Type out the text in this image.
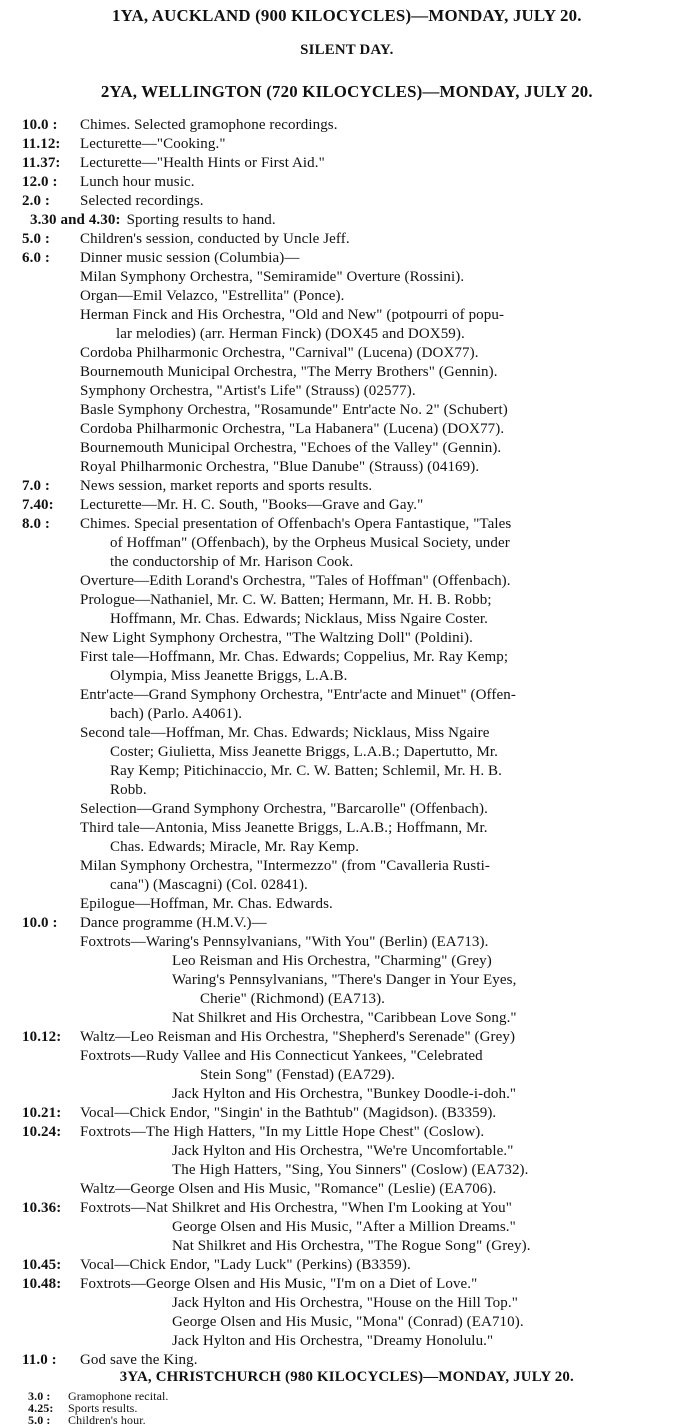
1YA, AUCKLAND (900 KILOCYCLES)—MONDAY, JULY 20.
SILENT DAY.
2YA, WELLINGTON (720 KILOCYCLES)—MONDAY, JULY 20.
10.0 : Chimes. Selected gramophone recordings.
11.12: Lecturette—"Cooking."
11.37: Lecturette—"Health Hints or First Aid."
12.0 : Lunch hour music.
2.0 : Selected recordings.
3.30 and 4.30: Sporting results to hand.
5.0 : Children's session, conducted by Uncle Jeff.
6.0 : Dinner music session (Columbia)—
Milan Symphony Orchestra, "Semiramide" Overture (Rossini).
Organ—Emil Velazco, "Estrellita" (Ponce).
Herman Finck and His Orchestra, "Old and New" (potpourri of popu-
lar melodies) (arr. Herman Finck) (DOX45 and DOX59).
Cordoba Philharmonic Orchestra, "Carnival" (Lucena) (DOX77).
Bournemouth Municipal Orchestra, "The Merry Brothers" (Gennin).
Symphony Orchestra, "Artist's Life" (Strauss) (02577).
Basle Symphony Orchestra, "Rosamunde" Entr'acte No. 2" (Schubert)
Cordoba Philharmonic Orchestra, "La Habanera" (Lucena) (DOX77).
Bournemouth Municipal Orchestra, "Echoes of the Valley" (Gennin).
Royal Philharmonic Orchestra, "Blue Danube" (Strauss) (04169).
7.0 : News session, market reports and sports results.
7.40: Lecturette—Mr. H. C. South, "Books—Grave and Gay."
8.0 : Chimes. Special presentation of Offenbach's Opera Fantastique, "Tales
of Hoffman" (Offenbach), by the Orpheus Musical Society, under
the conductorship of Mr. Harison Cook.
Overture—Edith Lorand's Orchestra, "Tales of Hoffman" (Offenbach).
Prologue—Nathaniel, Mr. C. W. Batten; Hermann, Mr. H. B. Robb;
Hoffmann, Mr. Chas. Edwards; Nicklaus, Miss Ngaire Coster.
New Light Symphony Orchestra, "The Waltzing Doll" (Poldini).
First tale—Hoffmann, Mr. Chas. Edwards; Coppelius, Mr. Ray Kemp;
Olympia, Miss Jeanette Briggs, L.A.B.
Entr'acte—Grand Symphony Orchestra, "Entr'acte and Minuet" (Offen-
bach) (Parlo. A4061).
Second tale—Hoffman, Mr. Chas. Edwards; Nicklaus, Miss Ngaire
Coster; Giulietta, Miss Jeanette Briggs, L.A.B.; Dapertutto, Mr.
Ray Kemp; Pitichinaccio, Mr. C. W. Batten; Schlemil, Mr. H. B.
Robb.
Selection—Grand Symphony Orchestra, "Barcarolle" (Offenbach).
Third tale—Antonia, Miss Jeanette Briggs, L.A.B.; Hoffmann, Mr.
Chas. Edwards; Miracle, Mr. Ray Kemp.
Milan Symphony Orchestra, "Intermezzo" (from "Cavalleria Rusti-
cana") (Mascagni) (Col. 02841).
Epilogue—Hoffman, Mr. Chas. Edwards.
10.0 : Dance programme (H.M.V.)—
Foxtrots—Waring's Pennsylvanians, "With You" (Berlin) (EA713).
Leo Reisman and His Orchestra, "Charming" (Grey)
Waring's Pennsylvanians, "There's Danger in Your Eyes,
Cherie" (Richmond) (EA713).
Nat Shilkret and His Orchestra, "Caribbean Love Song."
10.12: Waltz—Leo Reisman and His Orchestra, "Shepherd's Serenade" (Grey)
Foxtrots—Rudy Vallee and His Connecticut Yankees, "Celebrated
Stein Song" (Fenstad) (EA729).
Jack Hylton and His Orchestra, "Bunkey Doodle-i-doh."
10.21: Vocal—Chick Endor, "Singin' in the Bathtub" (Magidson). (B3359).
10.24: Foxtrots—The High Hatters, "In my Little Hope Chest" (Coslow).
Jack Hylton and His Orchestra, "We're Uncomfortable."
The High Hatters, "Sing, You Sinners" (Coslow) (EA732).
Waltz—George Olsen and His Music, "Romance" (Leslie) (EA706).
10.36: Foxtrots—Nat Shilkret and His Orchestra, "When I'm Looking at You"
George Olsen and His Music, "After a Million Dreams."
Nat Shilkret and His Orchestra, "The Rogue Song" (Grey).
10.45: Vocal—Chick Endor, "Lady Luck" (Perkins) (B3359).
10.48: Foxtrots—George Olsen and His Music, "I'm on a Diet of Love."
Jack Hylton and His Orchestra, "House on the Hill Top."
George Olsen and His Music, "Mona" (Conrad) (EA710).
Jack Hylton and His Orchestra, "Dreamy Honolulu."
11.0 : God save the King.
3YA, CHRISTCHURCH (980 KILOCYCLES)—MONDAY, JULY 20.
3.0 : Gramophone recital.
4.25: Sports results.
5.0 : Children's hour.
